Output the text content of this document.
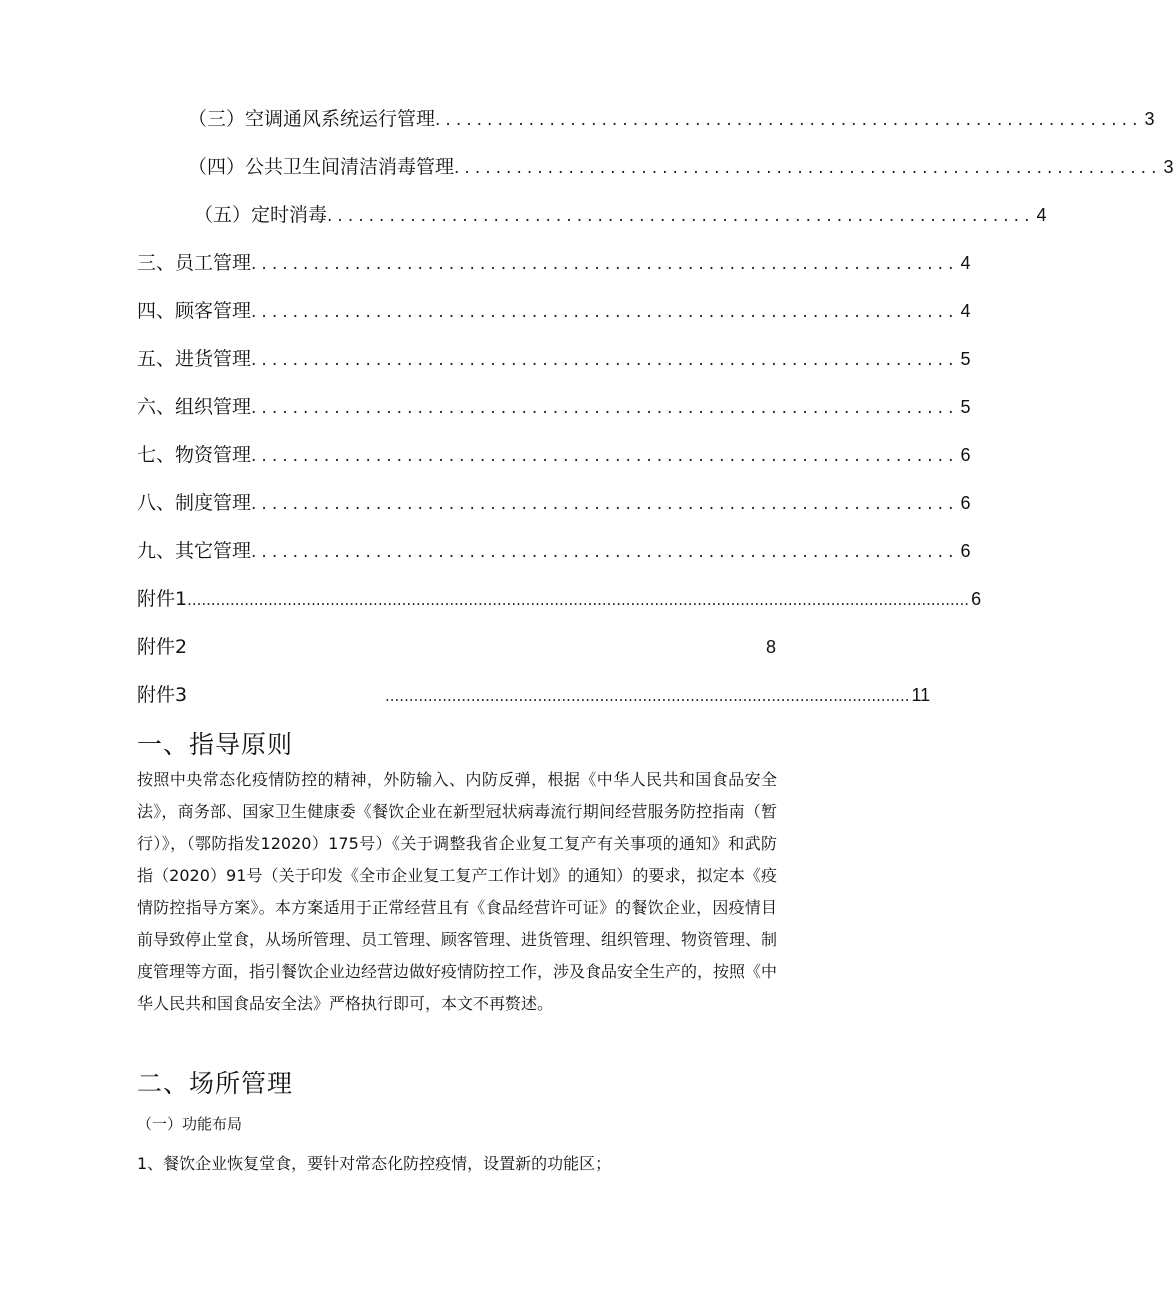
（三）空调通风系统运行管理 .................................................................... 3
（四）公共卫生间清洁消毒管理 .................................................................... 3
（五）定时消毒 .................................................................... 4
三、员工管理 .................................................................... 4
四、顾客管理 .................................................................... 4
五、进货管理 .................................................................... 5
六、组织管理 .................................................................... 5
七、物资管理 .................................................................... 6
八、制度管理 .................................................................... 6
九、其它管理 .................................................................... 6
附件1 .................................................................................................................................................................... 6
附件2	8
附件3	.............................................................................................................. 11
一、指导原则

按照中央常态化疫情防控的精神，外防输入、内防反弹，根据《中华人民共和国食品安全法》，商务部、国家卫生健康委《餐饮企业在新型冠状病毒流行期间经营服务防控指南（暂行）》，（鄂防指发12020）175号）《关于调整我省企业复工复产有关事项的通知》和武防指（2020）91号（关于印发《全市企业复工复产工作计划》的通知）的要求，拟定本《疫情防控指导方案》。本方案适用于正常经营且有《食品经营许可证》的餐饮企业，因疫情目前导致停止堂食，从场所管理、员工管理、顾客管理、进货管理、组织管理、物资管理、制度管理等方面，指引餐饮企业边经营边做好疫情防控工作，涉及食品安全生产的，按照《中华人民共和国食品安全法》严格执行即可，本文不再赘述。

二、场所管理
（一）功能布局
1、餐饮企业恢复堂食，要针对常态化防控疫情，设置新的功能区；
